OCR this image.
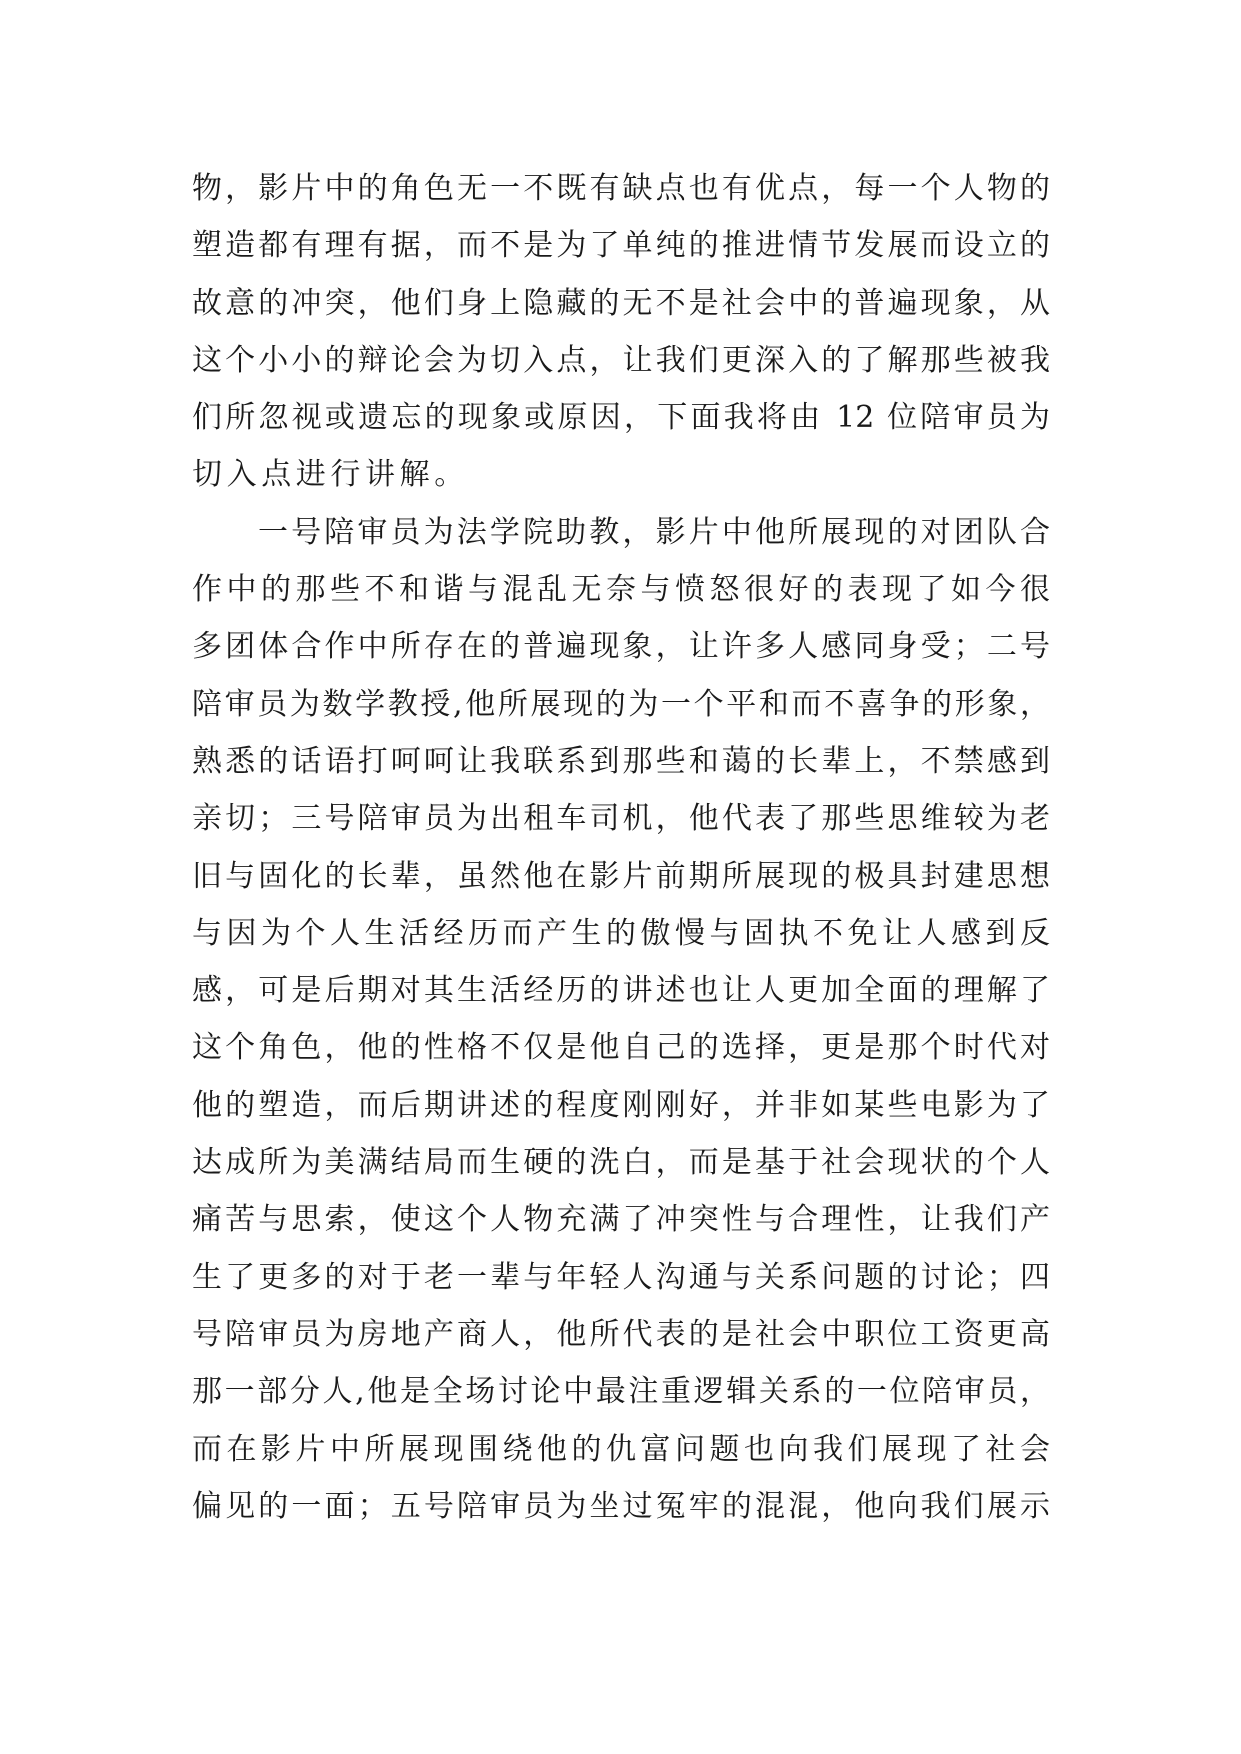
物，影片中的角色无一不既有缺点也有优点，每一个人物的
塑造都有理有据，而不是为了单纯的推进情节发展而设立的
故意的冲突，他们身上隐藏的无不是社会中的普遍现象，从
这个小小的辩论会为切入点，让我们更深入的了解那些被我
们所忽视或遗忘的现象或原因，下面我将由 12 位陪审员为
切入点进行讲解。
一号陪审员为法学院助教，影片中他所展现的对团队合
作中的那些不和谐与混乱无奈与愤怒很好的表现了如今很
多团体合作中所存在的普遍现象，让许多人感同身受；二号
陪审员为数学教授,他所展现的为一个平和而不喜争的形象，
熟悉的话语打呵呵让我联系到那些和蔼的长辈上，不禁感到
亲切；三号陪审员为出租车司机，他代表了那些思维较为老
旧与固化的长辈，虽然他在影片前期所展现的极具封建思想
与因为个人生活经历而产生的傲慢与固执不免让人感到反
感，可是后期对其生活经历的讲述也让人更加全面的理解了
这个角色，他的性格不仅是他自己的选择，更是那个时代对
他的塑造，而后期讲述的程度刚刚好，并非如某些电影为了
达成所为美满结局而生硬的洗白，而是基于社会现状的个人
痛苦与思索，使这个人物充满了冲突性与合理性，让我们产
生了更多的对于老一辈与年轻人沟通与关系问题的讨论；四
号陪审员为房地产商人，他所代表的是社会中职位工资更高
那一部分人,他是全场讨论中最注重逻辑关系的一位陪审员，
而在影片中所展现围绕他的仇富问题也向我们展现了社会
偏见的一面；五号陪审员为坐过冤牢的混混，他向我们展示
